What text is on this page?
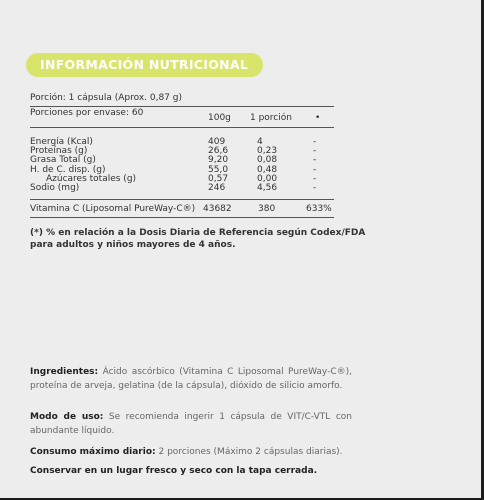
INFORMACIÓN NUTRICIONAL
Porción: 1 cápsula (Aprox. 0,87 g)
Porciones por envase: 60	100g 1 porción	•
Energía (Kcal)	409	4	-
Proteínas (g)	26,6	0,23	-
Grasa Total (g)	9,20	0,08	-
H. de C. disp. (g)	55,0	0,48	-
Azúcares totales (g)	0,57	0,00	-
Sodio (mg)	246	4,56	-
Vitamina C (Liposomal PureWay-C®) 43682	380	633%
(*) % en relación a la Dosis Diaria de Referencia según Codex/FDA para adultos y niños mayores de 4 años.
Ingredientes: Ácido ascórbico (Vitamina C Liposomal PureWay-C®), proteína de arveja, gelatina (de la cápsula), dióxido de silicio amorfo.
Modo de uso: Se recomienda ingerir 1 cápsula de VIT/C-VTL con abundante líquido.
Consumo máximo diario: 2 porciones (Máximo 2 cápsulas diarias).
Conservar en un lugar fresco y seco con la tapa cerrada.
